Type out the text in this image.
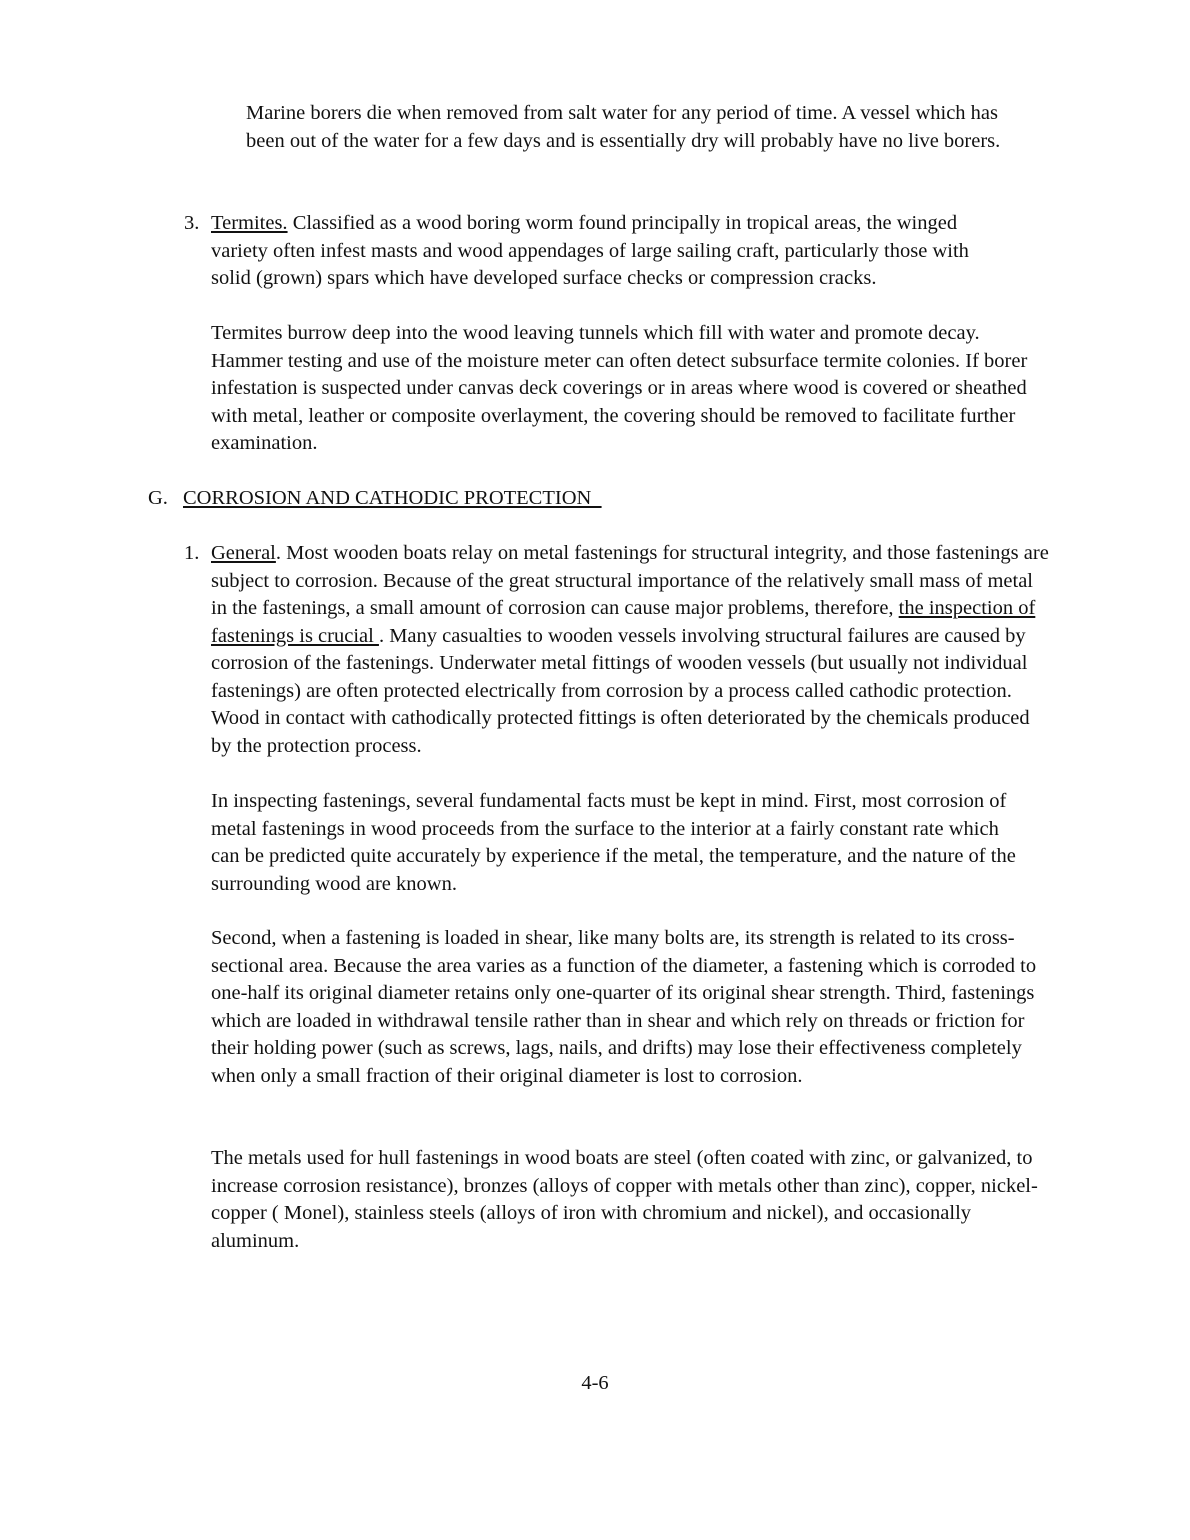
Marine borers die when removed from salt water for any period of time. A vessel which has been out of the water for a few days and is essentially dry will probably have no live borers.

3. Termites. Classified as a wood boring worm found principally in tropical areas, the winged variety often infest masts and wood appendages of large sailing craft, particularly those with solid (grown) spars which have developed surface checks or compression cracks.

Termites burrow deep into the wood leaving tunnels which fill with water and promote decay. Hammer testing and use of the moisture meter can often detect subsurface termite colonies. If borer infestation is suspected under canvas deck coverings or in areas where wood is covered or sheathed with metal, leather or composite overlayment, the covering should be removed to facilitate further examination.

G. CORROSION AND CATHODIC PROTECTION
1. General. Most wooden boats relay on metal fastenings for structural integrity, and those fastenings are subject to corrosion. Because of the great structural importance of the relatively small mass of metal in the fastenings, a small amount of corrosion can cause major problems, therefore, the inspection of fastenings is crucial . Many casualties to wooden vessels involving structural failures are caused by corrosion of the fastenings. Underwater metal fittings of wooden vessels (but usually not individual fastenings) are often protected electrically from corrosion by a process called cathodic protection. Wood in contact with cathodically protected fittings is often deteriorated by the chemicals produced by the protection process.

In inspecting fastenings, several fundamental facts must be kept in mind. First, most corrosion of metal fastenings in wood proceeds from the surface to the interior at a fairly constant rate which can be predicted quite accurately by experience if the metal, the temperature, and the nature of the surrounding wood are known.

Second, when a fastening is loaded in shear, like many bolts are, its strength is related to its cross-sectional area. Because the area varies as a function of the diameter, a fastening which is corroded to one-half its original diameter retains only one-quarter of its original shear strength. Third, fastenings which are loaded in withdrawal tensile rather than in shear and which rely on threads or friction for their holding power (such as screws, lags, nails, and drifts) may lose their effectiveness completely when only a small fraction of their original diameter is lost to corrosion.

The metals used for hull fastenings in wood boats are steel (often coated with zinc, or galvanized, to increase corrosion resistance), bronzes (alloys of copper with metals other than zinc), copper, nickel-copper ( Monel), stainless steels (alloys of iron with chromium and nickel), and occasionally aluminum.

4-6
